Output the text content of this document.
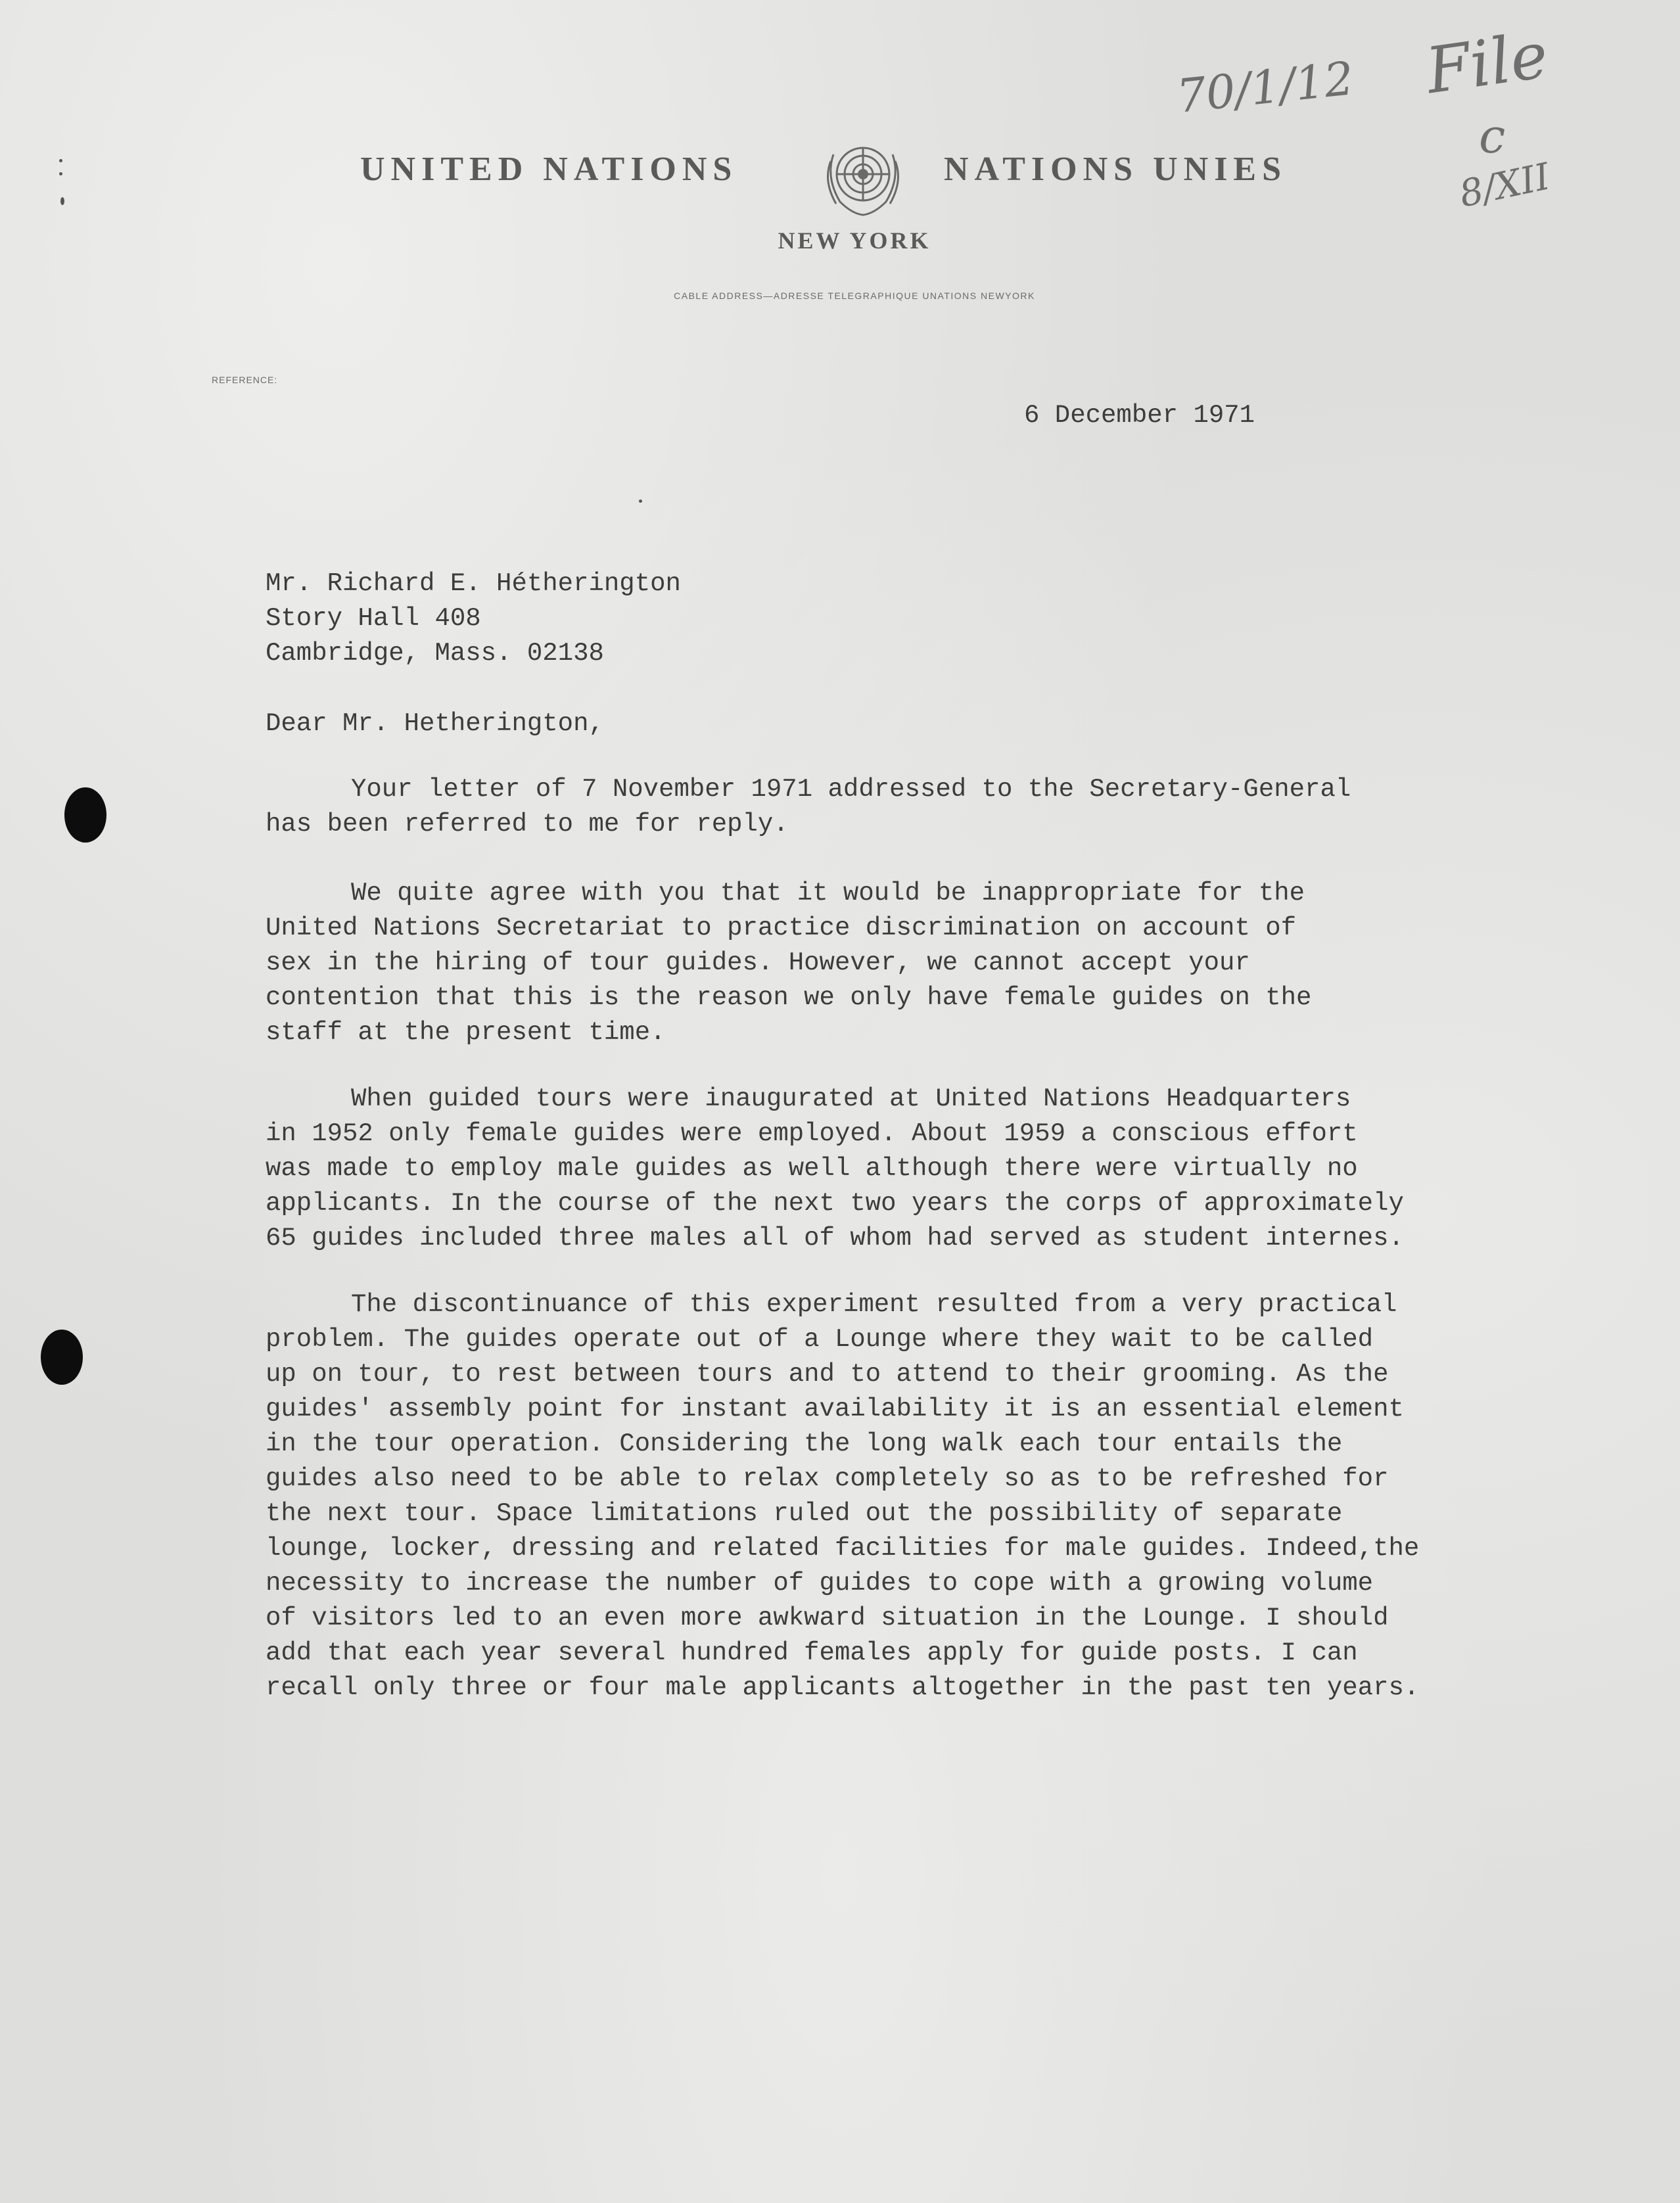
UNITED NATIONS	NATIONS UNIES
NEW YORK
CABLE ADDRESS—ADRESSE TELEGRAPHIQUE UNATIONS NEWYORK
REFERENCE:
70/1/12 File
c
8/XII
6 December 1971
Mr. Richard E. Hétherington
Story Hall 408
Cambridge, Mass. 02138
Dear Mr. Hetherington,
Your letter of 7 November 1971 addressed to the Secretary-General
has been referred to me for reply.
We quite agree with you that it would be inappropriate for the
United Nations Secretariat to practice discrimination on account of
sex in the hiring of tour guides. However, we cannot accept your
contention that this is the reason we only have female guides on the
staff at the present time.
When guided tours were inaugurated at United Nations Headquarters
in 1952 only female guides were employed. About 1959 a conscious effort
was made to employ male guides as well although there were virtually no
applicants. In the course of the next two years the corps of approximately
65 guides included three males all of whom had served as student internes.
The discontinuance of this experiment resulted from a very practical
problem. The guides operate out of a Lounge where they wait to be called
up on tour, to rest between tours and to attend to their grooming. As the
guides' assembly point for instant availability it is an essential element
in the tour operation. Considering the long walk each tour entails the
guides also need to be able to relax completely so as to be refreshed for
the next tour. Space limitations ruled out the possibility of separate
lounge, locker, dressing and related facilities for male guides. Indeed,the
necessity to increase the number of guides to cope with a growing volume
of visitors led to an even more awkward situation in the Lounge. I should
add that each year several hundred females apply for guide posts. I can
recall only three or four male applicants altogether in the past ten years.
